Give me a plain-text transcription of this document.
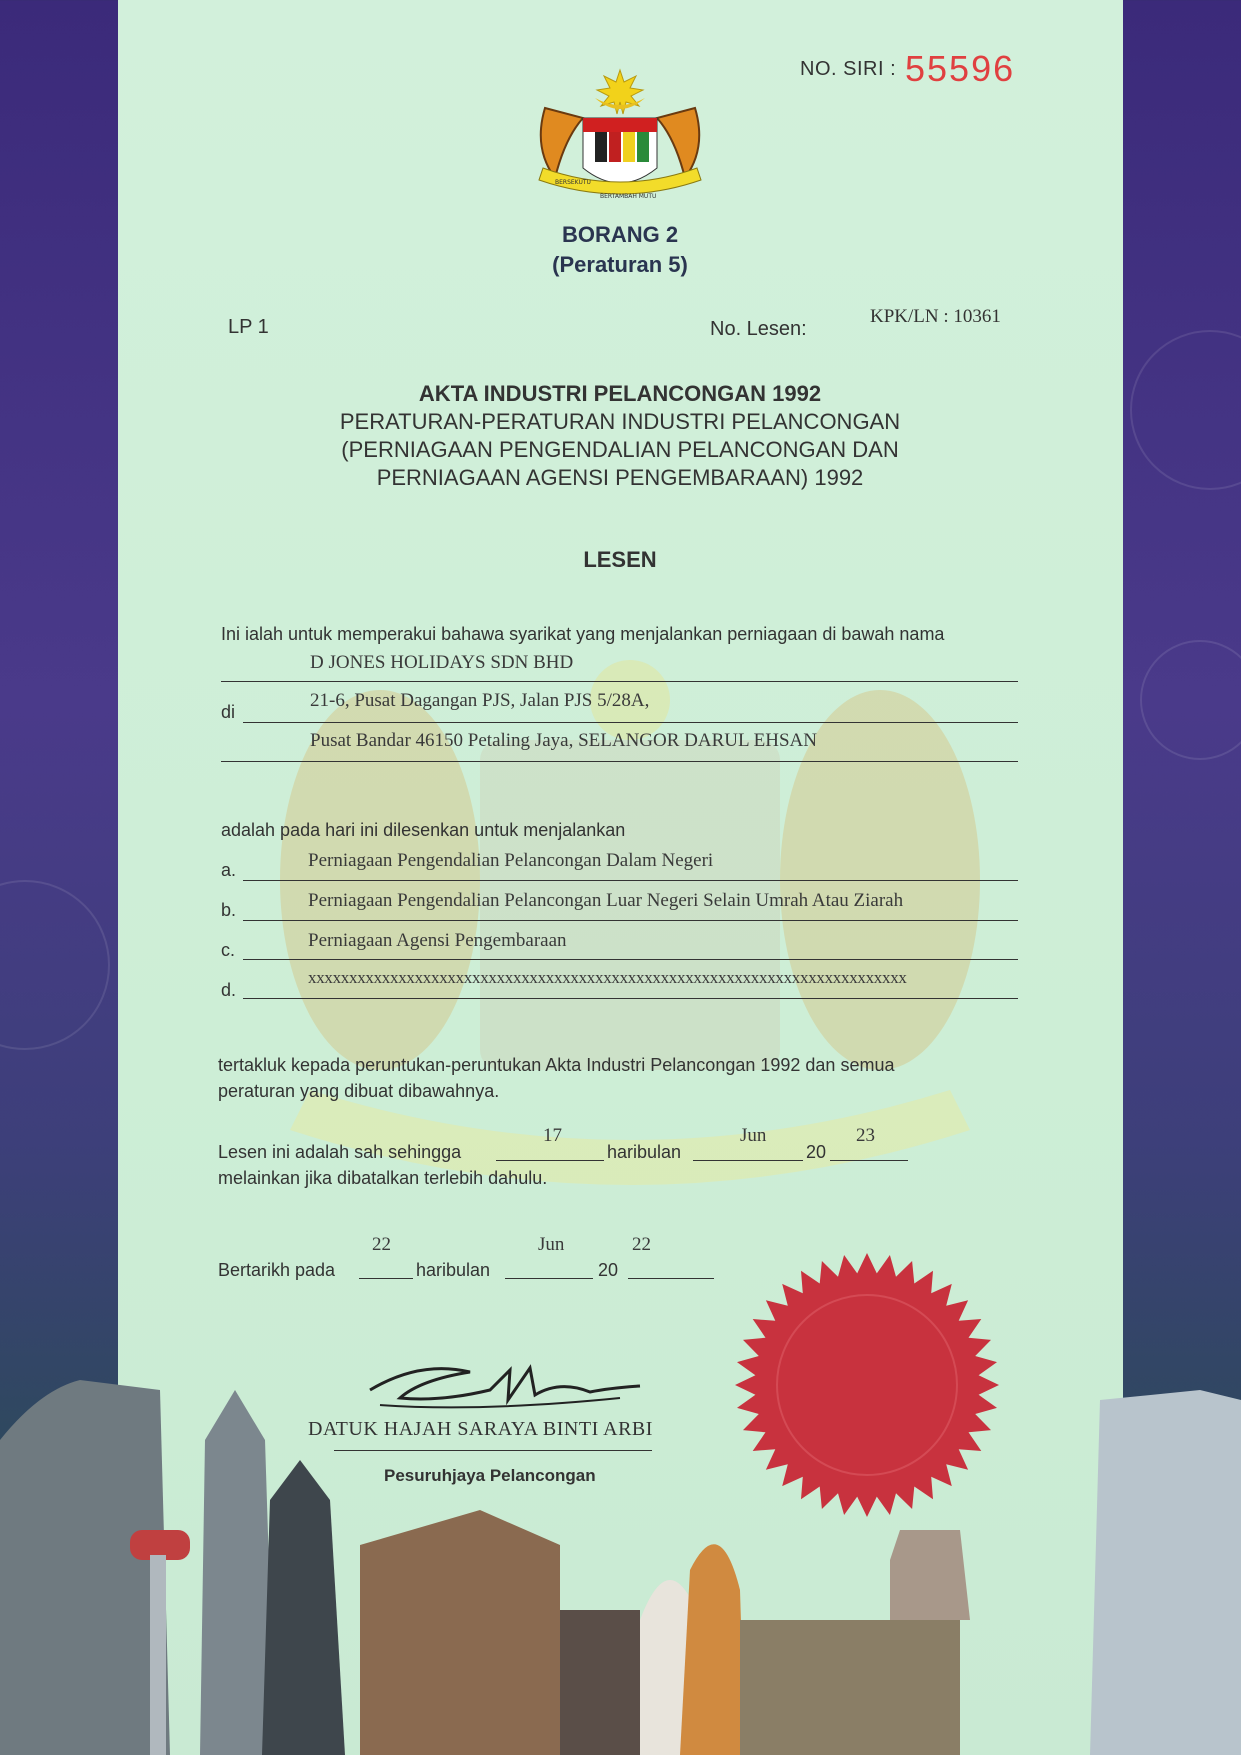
NO. SIRI : 55596
BERSEKUTU
BERTAMBAH MUTU
BORANG 2
(Peraturan 5)
LP 1	No. Lesen:
KPK/LN : 10361
AKTA INDUSTRI PELANCONGAN 1992
PERATURAN-PERATURAN INDUSTRI PELANCONGAN
(PERNIAGAAN PENGENDALIAN PELANCONGAN DAN
PERNIAGAAN AGENSI PENGEMBARAAN) 1992
LESEN
Ini ialah untuk memperakui bahawa syarikat yang menjalankan perniagaan di bawah nama
D JONES HOLIDAYS SDN BHD
di
21-6, Pusat Dagangan PJS, Jalan PJS 5/28A,
Pusat Bandar 46150 Petaling Jaya, SELANGOR DARUL EHSAN
adalah pada hari ini dilesenkan untuk menjalankan
a.	Perniagaan Pengendalian Pelancongan Dalam Negeri
b.	Perniagaan Pengendalian Pelancongan Luar Negeri Selain Umrah Atau Ziarah
c.	Perniagaan Agensi Pengembaraan
d.
xxxxxxxxxxxxxxxxxxxxxxxxxxxxxxxxxxxxxxxxxxxxxxxxxxxxxxxxxxxxxxxxxxxxxxxxx
tertakluk kepada peruntukan-peruntukan Akta Industri Pelancongan 1992 dan semua
peraturan yang dibuat dibawahnya.
Lesen ini adalah sah sehingga
17
haribulan
Jun
20
23
melainkan jika dibatalkan terlebih dahulu.
Bertarikh pada
22
haribulan
Jun
20
22
DATUK HAJAH SARAYA BINTI ARBI
Pesuruhjaya Pelancongan
